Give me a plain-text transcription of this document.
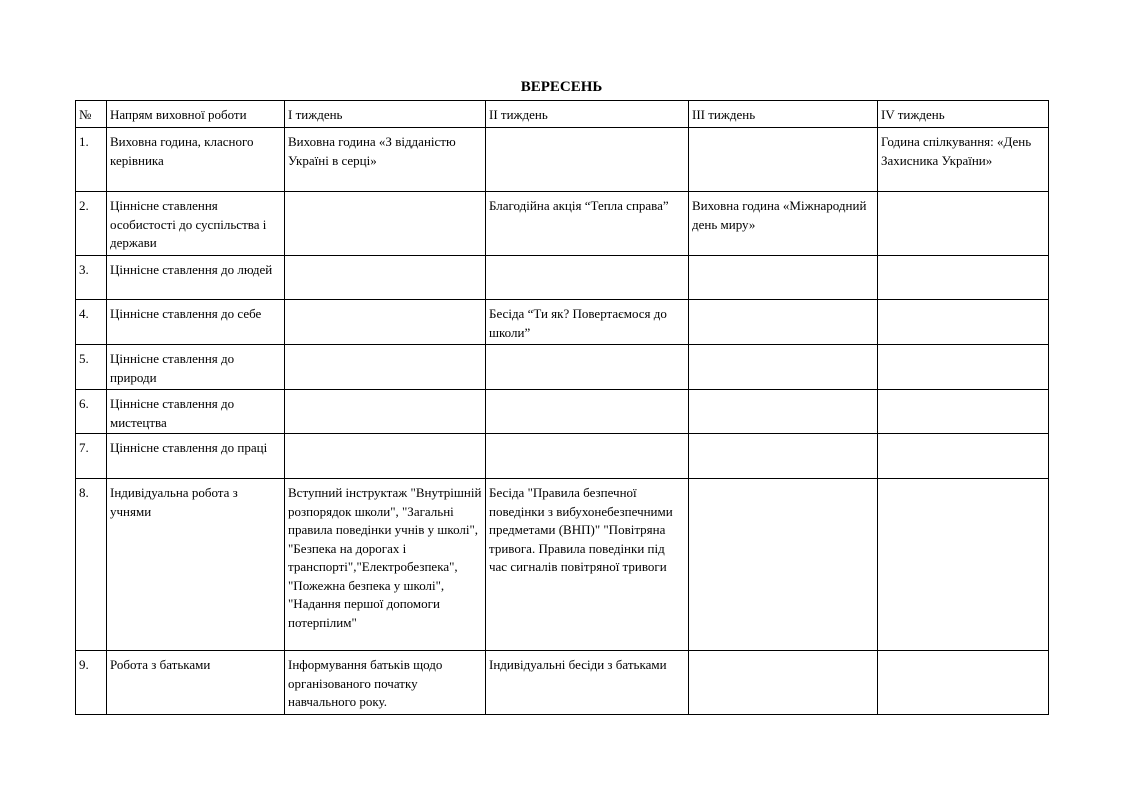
ВЕРЕСЕНЬ
№	Напрям виховної роботи	І тиждень	ІІ тиждень	ІІІ тиждень	ІV тиждень
1.	Виховна година, класного керівника	Виховна година «З відданістю Україні в серці»			Година спілкування: «День Захисника України»
2.	Ціннісне ставлення особистості до суспільства і держави		Благодійна акція “Тепла справа”	Виховна година «Міжнародний день миру»	
3.	Ціннісне ставлення до людей				
4.	Ціннісне ставлення до себе		Бесіда “Ти як? Повертаємося до школи”		
5.	Ціннісне ставлення до природи				
6.	Ціннісне ставлення до мистецтва				
7.	Ціннісне ставлення до праці				
8.	Індивідуальна робота з учнями	Вступний інструктаж "Внутрішній розпорядок школи", "Загальні правила поведінки учнів у школі", "Безпека на дорогах і транспорті","Електробезпека", "Пожежна безпека у школі", "Надання першої допомоги потерпілим"	Бесіда "Правила безпечної поведінки з вибухонебезпечними предметами (ВНП)" "Повітряна тривога. Правила поведінки під час сигналів повітряної тривоги		
9.	Робота з батьками	Інформування батьків щодо організованого початку навчального року.	Індивідуальні бесіди з батьками		
